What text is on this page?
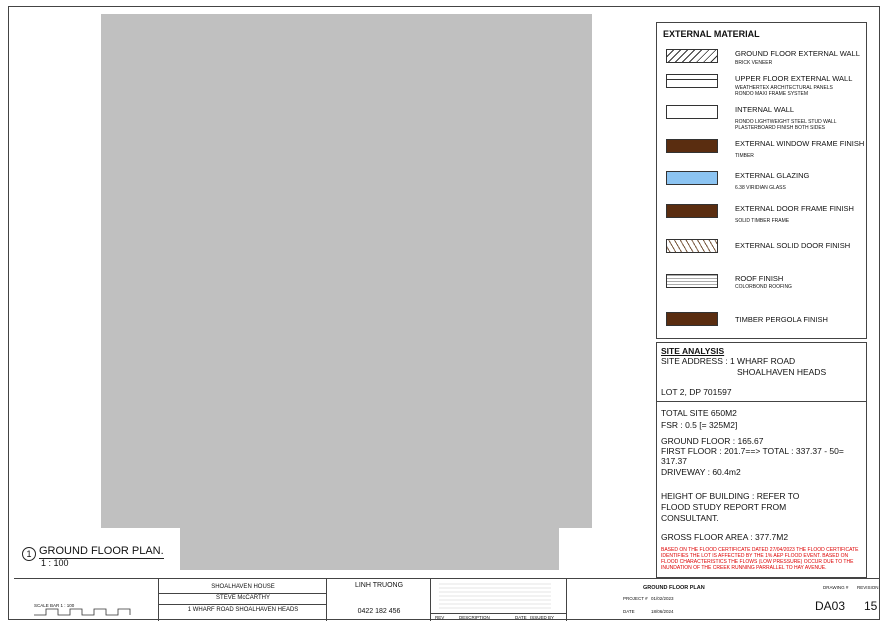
1 GROUND FLOOR PLAN.
1 : 100
EXTERNAL MATERIAL
GROUND FLOOR EXTERNAL WALL
BRICK VENEER
UPPER FLOOR EXTERNAL WALL
WEATHERTEX ARCHITECTURAL PANELS
RONDO MAXI FRAME SYSTEM
INTERNAL WALL
RONDO LIGHTWEIGHT STEEL STUD WALL
PLASTERBOARD FINISH BOTH SIDES
EXTERNAL WINDOW FRAME FINISH
TIMBER
EXTERNAL GLAZING
6.38 VIRIDIAN GLASS
EXTERNAL DOOR FRAME FINISH
SOLID TIMBER FRAME
EXTERNAL SOLID DOOR FINISH
ROOF FINISH
COLORBOND ROOFING
TIMBER PERGOLA FINISH
SITE ANALYSIS
SITE ADDRESS : 1 WHARF ROAD
SHOALHAVEN HEADS
LOT 2, DP 701597
TOTAL SITE 650M2
FSR : 0.5 [= 325M2]
GROUND FLOOR : 165.67
FIRST FLOOR : 201.7==> TOTAL : 337.37 - 50=
317.37
DRIVEWAY : 60.4m2
HEIGHT OF BUILDING : REFER TO
FLOOD STUDY REPORT FROM
CONSULTANT.
GROSS FLOOR AREA : 377.7M2
BASED ON THE FLOOD CERTIFICATE DATED 27/04/2023 THE FLOOD CERTIFICATE IDENTIFIES THE LOT IS AFFECTED BY THE 1% AEP FLOOD EVENT. BASED ON FLOOD CHARACTERISTICS THE FLOWS (LOW PRESSURE) OCCUR DUE TO THE INUNDATION OF THE CREEK RUNNING PARRALLEL TO HAY AVENUE.
SCALE BAR 1 : 100
SHOALHAVEN HOUSE
STEVE McCARTHY
1 WHARF ROAD SHOALHAVEN HEADS
LINH TRUONG
0422 182 456
REV	DESCRIPTION	DATE ISSUED BY
GROUND FLOOR PLAN
PROJECT # 01/02/2023
DATE	18/06/2024
DRAWING # REVISION
DA03 15
